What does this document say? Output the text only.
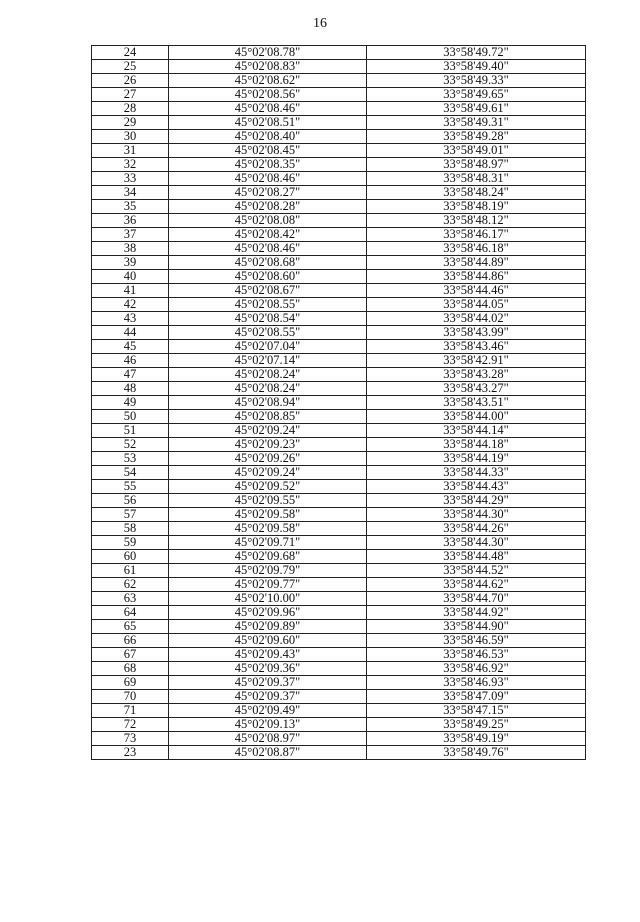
16
24	45°02'08.78"	33°58'49.72"
25	45°02'08.83"	33°58'49.40"
26	45°02'08.62"	33°58'49.33"
27	45°02'08.56"	33°58'49.65"
28	45°02'08.46"	33°58'49.61"
29	45°02'08.51"	33°58'49.31"
30	45°02'08.40"	33°58'49.28"
31	45°02'08.45"	33°58'49.01"
32	45°02'08.35"	33°58'48.97"
33	45°02'08.46"	33°58'48.31"
34	45°02'08.27"	33°58'48.24"
35	45°02'08.28"	33°58'48.19"
36	45°02'08.08"	33°58'48.12"
37	45°02'08.42"	33°58'46.17"
38	45°02'08.46"	33°58'46.18"
39	45°02'08.68"	33°58'44.89"
40	45°02'08.60"	33°58'44.86"
41	45°02'08.67"	33°58'44.46"
42	45°02'08.55"	33°58'44.05"
43	45°02'08.54"	33°58'44.02"
44	45°02'08.55"	33°58'43.99"
45	45°02'07.04"	33°58'43.46"
46	45°02'07.14"	33°58'42.91"
47	45°02'08.24"	33°58'43.28"
48	45°02'08.24"	33°58'43.27"
49	45°02'08.94"	33°58'43.51"
50	45°02'08.85"	33°58'44.00"
51	45°02'09.24"	33°58'44.14"
52	45°02'09.23"	33°58'44.18"
53	45°02'09.26"	33°58'44.19"
54	45°02'09.24"	33°58'44.33"
55	45°02'09.52"	33°58'44.43"
56	45°02'09.55"	33°58'44.29"
57	45°02'09.58"	33°58'44.30"
58	45°02'09.58"	33°58'44.26"
59	45°02'09.71"	33°58'44.30"
60	45°02'09.68"	33°58'44.48"
61	45°02'09.79"	33°58'44.52"
62	45°02'09.77"	33°58'44.62"
63	45°02'10.00"	33°58'44.70"
64	45°02'09.96"	33°58'44.92"
65	45°02'09.89"	33°58'44.90"
66	45°02'09.60"	33°58'46.59"
67	45°02'09.43"	33°58'46.53"
68	45°02'09.36"	33°58'46.92"
69	45°02'09.37"	33°58'46.93"
70	45°02'09.37"	33°58'47.09"
71	45°02'09.49"	33°58'47.15"
72	45°02'09.13"	33°58'49.25"
73	45°02'08.97"	33°58'49.19"
23	45°02'08.87"	33°58'49.76"
